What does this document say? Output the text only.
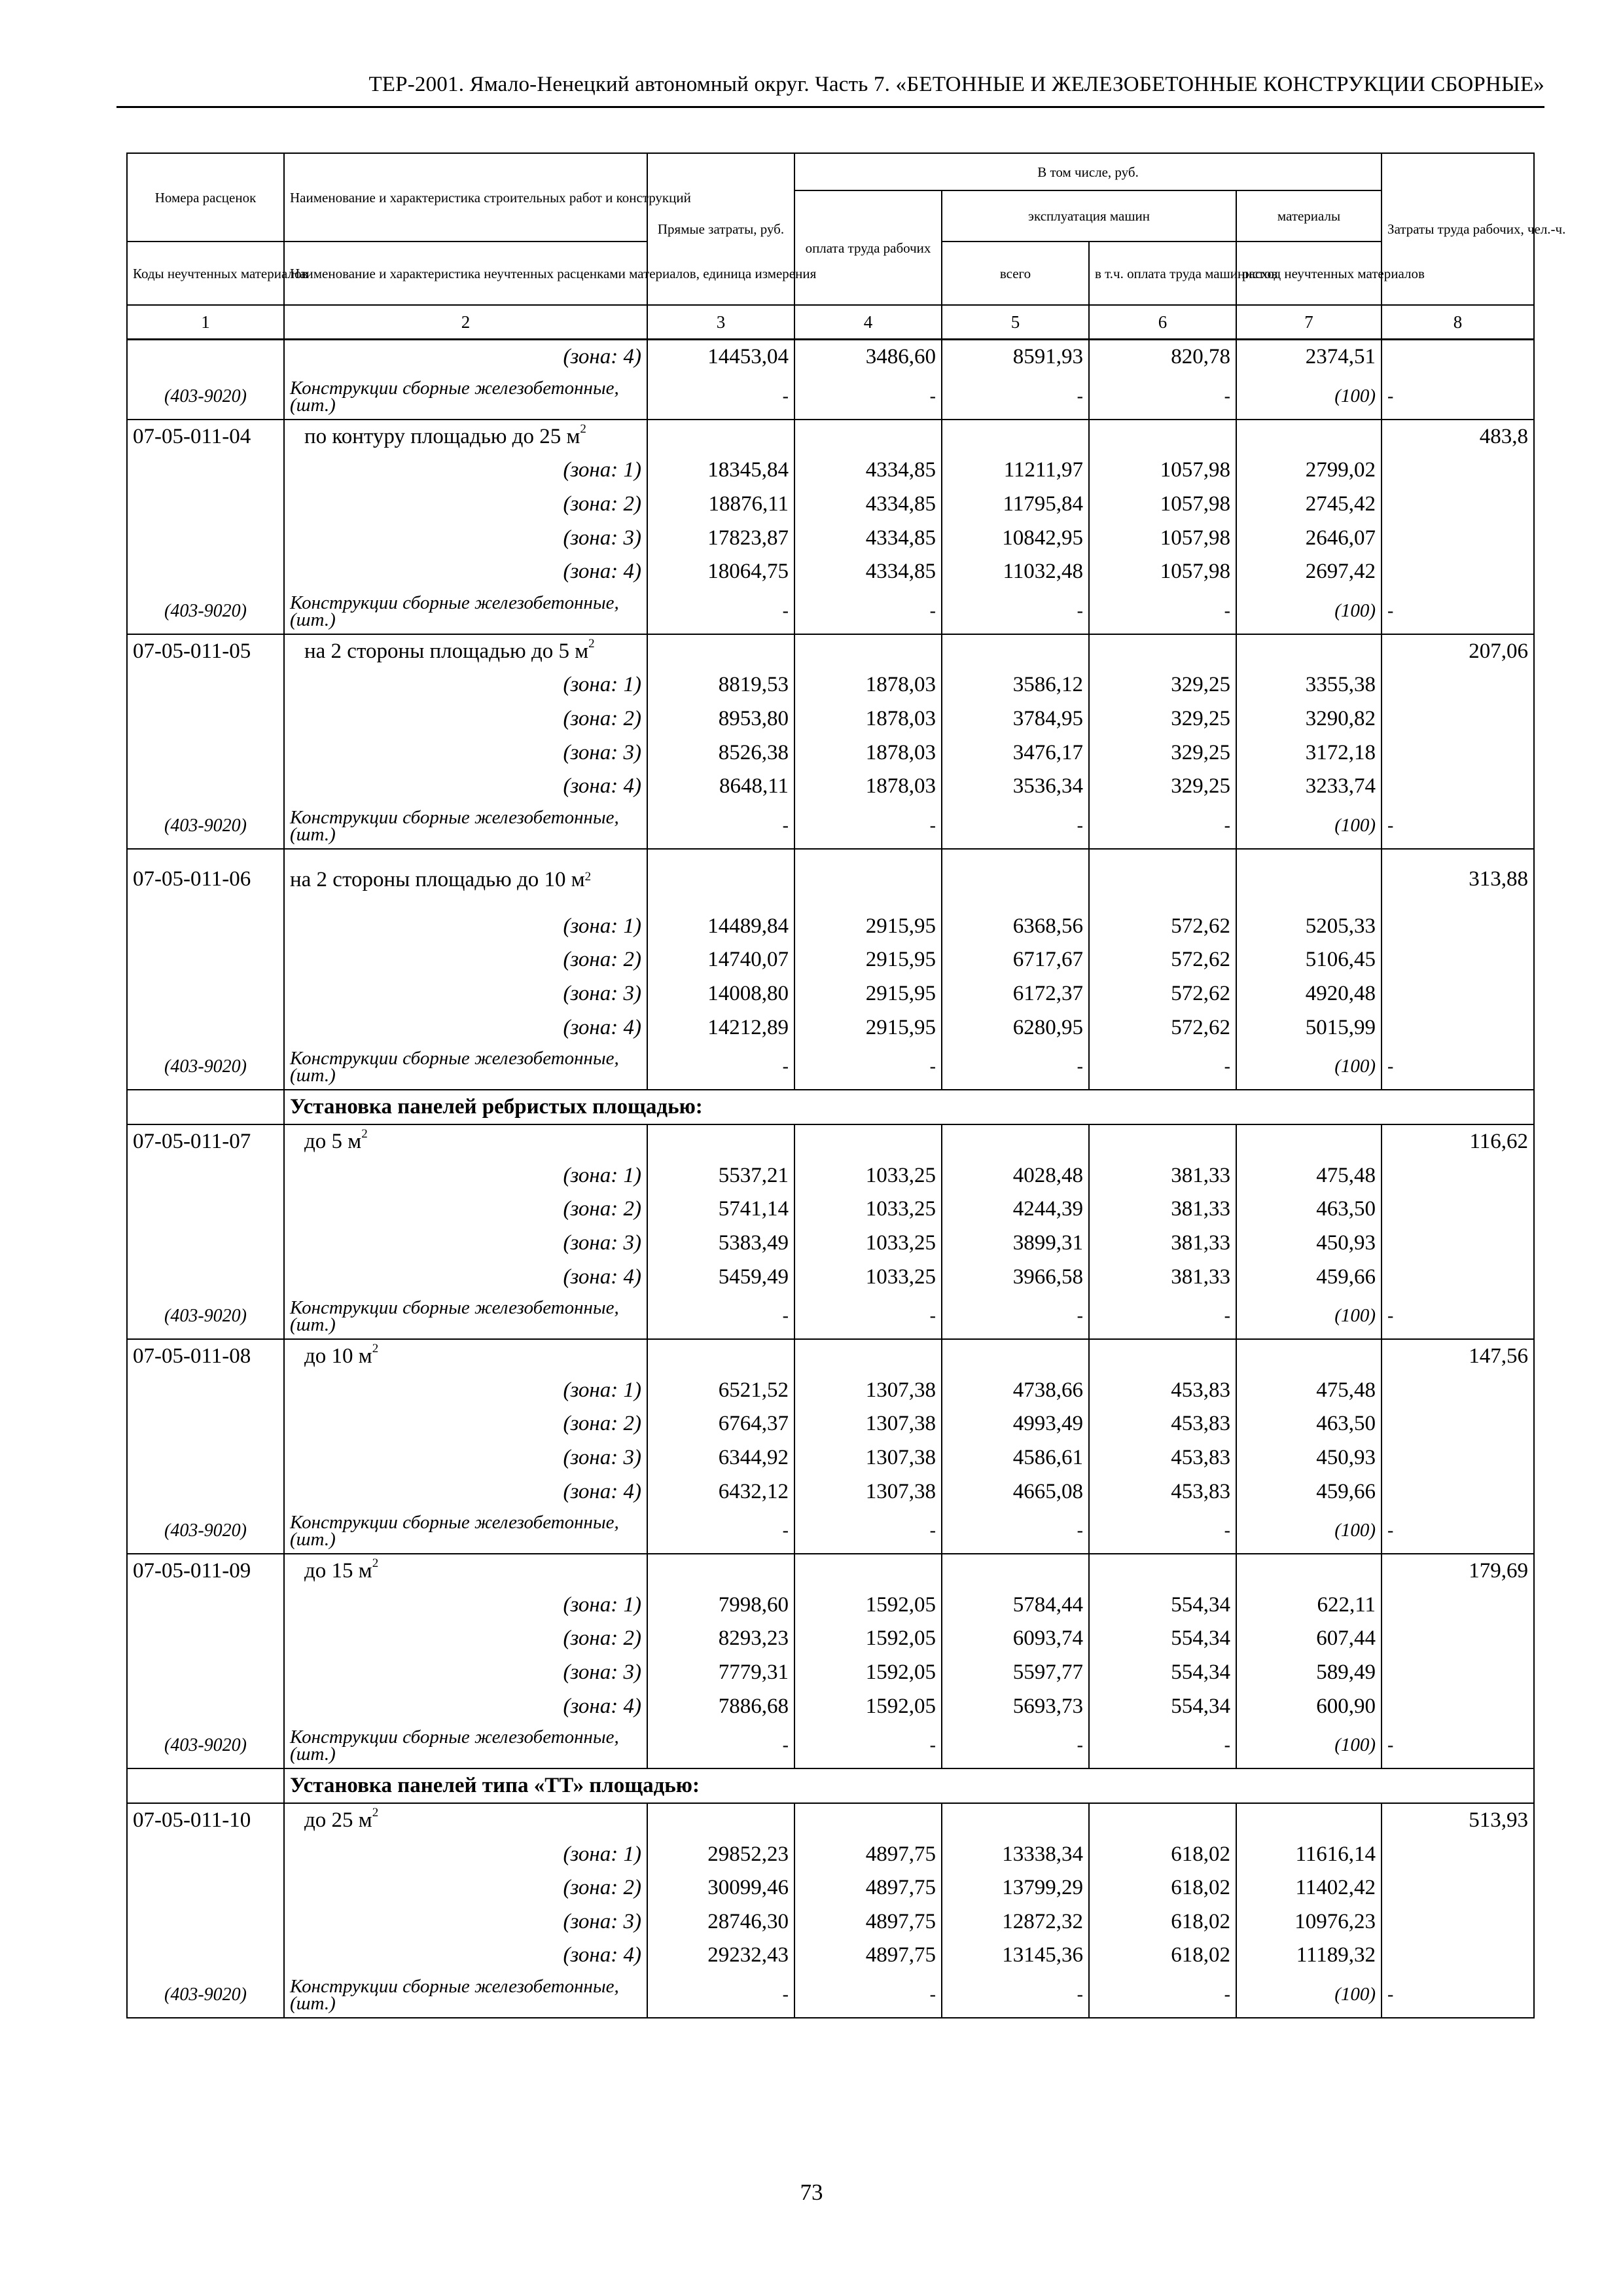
ТЕР-2001. Ямало-Ненецкий автономный округ. Часть 7. «БЕТОННЫЕ И ЖЕЛЕЗОБЕТОННЫЕ КОНСТРУКЦИИ СБОРНЫЕ»
Номера расценок	Наименование и характеристика строительных работ и конструкций	Прямые затраты, руб.	В том числе, руб.				Затраты труда рабочих, чел.-ч.
			оплата труда рабочих	эксплуатация машин		материалы	
Коды неучтенных материалов	Наименование и характеристика неучтенных расценками материалов, единица измерения			всего	в т.ч. оплата труда машинистов	расход неучтенных материалов	
1	2	3	4	5	6	7	8
	(зона: 4)	14453,04	3486,60	8591,93	820,78	2374,51	
(403-9020)	Конструкции сборные железобетонные, (шт.)	-	-	-	-	(100)	-
07-05-011-04	по контуру площадью до 25 $м^2$						483,8
	(зона: 1)	18345,84	4334,85	11211,97	1057,98	2799,02	
	(зона: 2)	18876,11	4334,85	11795,84	1057,98	2745,42	
	(зона: 3)	17823,87	4334,85	10842,95	1057,98	2646,07	
	(зона: 4)	18064,75	4334,85	11032,48	1057,98	2697,42	
(403-9020)	Конструкции сборные железобетонные, (шт.)	-	-	-	-	(100)	-
07-05-011-05	на 2 стороны площадью до 5 $м^2$						207,06
	(зона: 1)	8819,53	1878,03	3586,12	329,25	3355,38	
	(зона: 2)	8953,80	1878,03	3784,95	329,25	3290,82	
	(зона: 3)	8526,38	1878,03	3476,17	329,25	3172,18	
	(зона: 4)	8648,11	1878,03	3536,34	329,25	3233,74	
(403-9020)	Конструкции сборные железобетонные, (шт.)	-	-	-	-	(100)	-
07-05-011-06	на 2 стороны площадью до 10 $м^2$						313,88
	(зона: 1)	14489,84	2915,95	6368,56	572,62	5205,33	
	(зона: 2)	14740,07	2915,95	6717,67	572,62	5106,45	
	(зона: 3)	14008,80	2915,95	6172,37	572,62	4920,48	
	(зона: 4)	14212,89	2915,95	6280,95	572,62	5015,99	
(403-9020)	Конструкции сборные железобетонные, (шт.)	-	-	-	-	(100)	-
	Установка панелей ребристых площадью:						
07-05-011-07	до 5 $м^2$						116,62
	(зона: 1)	5537,21	1033,25	4028,48	381,33	475,48	
	(зона: 2)	5741,14	1033,25	4244,39	381,33	463,50	
	(зона: 3)	5383,49	1033,25	3899,31	381,33	450,93	
	(зона: 4)	5459,49	1033,25	3966,58	381,33	459,66	
(403-9020)	Конструкции сборные железобетонные, (шт.)	-	-	-	-	(100)	-
07-05-011-08	до 10 $м^2$						147,56
	(зона: 1)	6521,52	1307,38	4738,66	453,83	475,48	
	(зона: 2)	6764,37	1307,38	4993,49	453,83	463,50	
	(зона: 3)	6344,92	1307,38	4586,61	453,83	450,93	
	(зона: 4)	6432,12	1307,38	4665,08	453,83	459,66	
(403-9020)	Конструкции сборные железобетонные, (шт.)	-	-	-	-	(100)	-
07-05-011-09	до 15 $м^2$						179,69
	(зона: 1)	7998,60	1592,05	5784,44	554,34	622,11	
	(зона: 2)	8293,23	1592,05	6093,74	554,34	607,44	
	(зона: 3)	7779,31	1592,05	5597,77	554,34	589,49	
	(зона: 4)	7886,68	1592,05	5693,73	554,34	600,90	
(403-9020)	Конструкции сборные железобетонные, (шт.)	-	-	-	-	(100)	-
	Установка панелей типа «ТТ» площадью:						
07-05-011-10	до 25 $м^2$						513,93
	(зона: 1)	29852,23	4897,75	13338,34	618,02	11616,14	
	(зона: 2)	30099,46	4897,75	13799,29	618,02	11402,42	
	(зона: 3)	28746,30	4897,75	12872,32	618,02	10976,23	
	(зона: 4)	29232,43	4897,75	13145,36	618,02	11189,32	
(403-9020)	Конструкции сборные железобетонные, (шт.)	-	-	-	-	(100)	-
73
